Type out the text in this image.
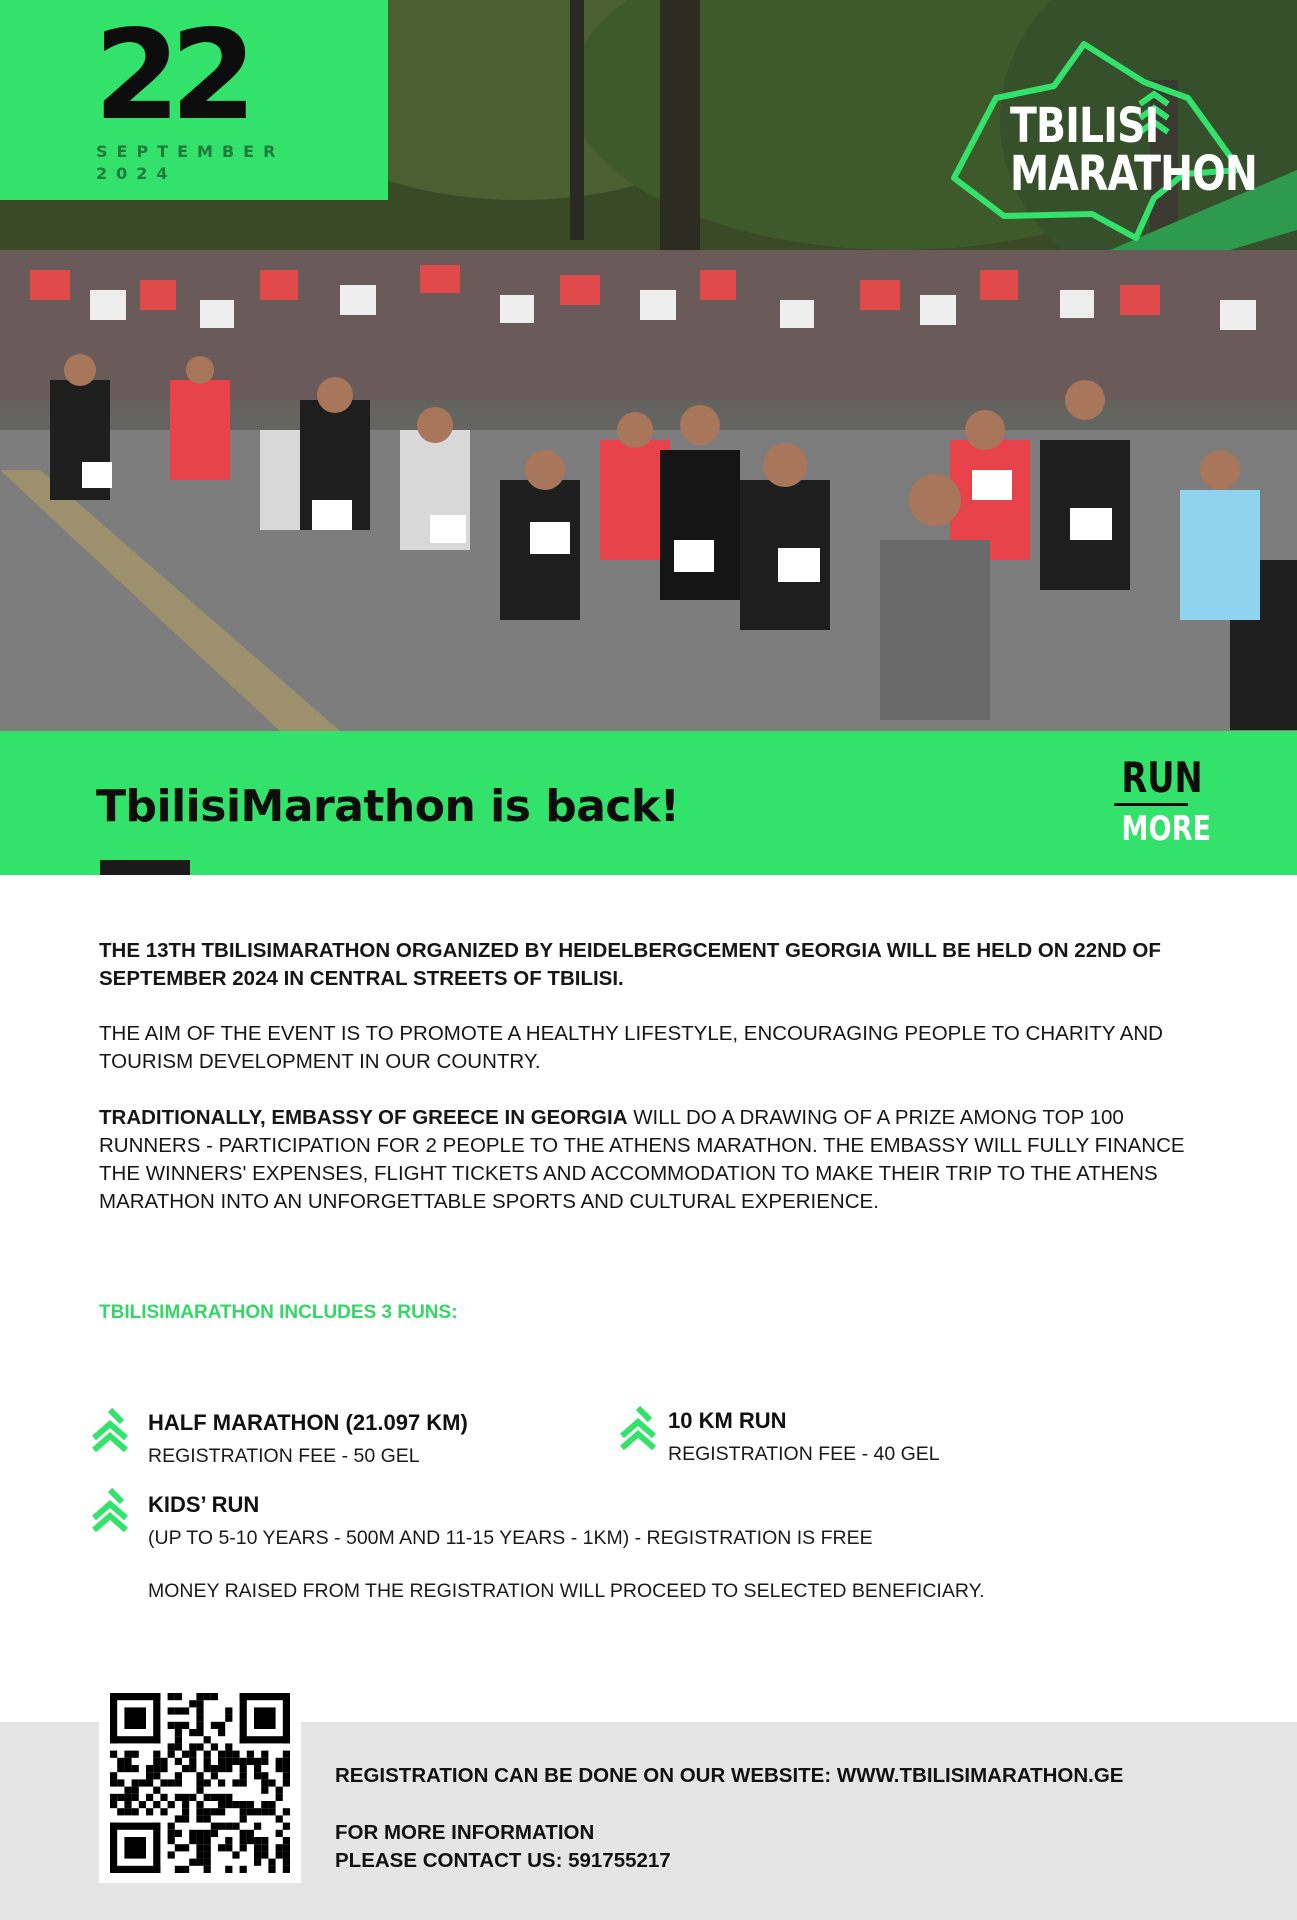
22
SEPTEMBER
2024
TBILISI
MARATHON
TbilisiMarathon is back!
RUN
MORE
THE 13TH TBILISIMARATHON ORGANIZED BY HEIDELBERGCEMENT GEORGIA WILL BE HELD ON 22ND OF SEPTEMBER 2024 IN CENTRAL STREETS OF TBILISI.
THE AIM OF THE EVENT IS TO PROMOTE A HEALTHY LIFESTYLE, ENCOURAGING PEOPLE TO CHARITY AND TOURISM DEVELOPMENT IN OUR COUNTRY.
TRADITIONALLY, EMBASSY OF GREECE IN GEORGIA WILL DO A DRAWING OF A PRIZE AMONG TOP 100 RUNNERS - PARTICIPATION FOR 2 PEOPLE TO THE ATHENS MARATHON. THE EMBASSY WILL FULLY FINANCE THE WINNERS' EXPENSES, FLIGHT TICKETS AND ACCOMMODATION TO MAKE THEIR TRIP TO THE ATHENS MARATHON INTO AN UNFORGETTABLE SPORTS AND CULTURAL EXPERIENCE.
TBILISIMARATHON INCLUDES 3 RUNS:
HALF MARATHON (21.097 KM)
REGISTRATION FEE - 50 GEL
10 KM RUN
REGISTRATION FEE - 40 GEL
KIDS’ RUN
(UP TO 5-10 YEARS - 500M AND 11-15 YEARS - 1KM) - REGISTRATION IS FREE
MONEY RAISED FROM THE REGISTRATION WILL PROCEED TO SELECTED BENEFICIARY.
REGISTRATION CAN BE DONE ON OUR WEBSITE: WWW.TBILISIMARATHON.GE
FOR MORE INFORMATION
PLEASE CONTACT US: 591755217
